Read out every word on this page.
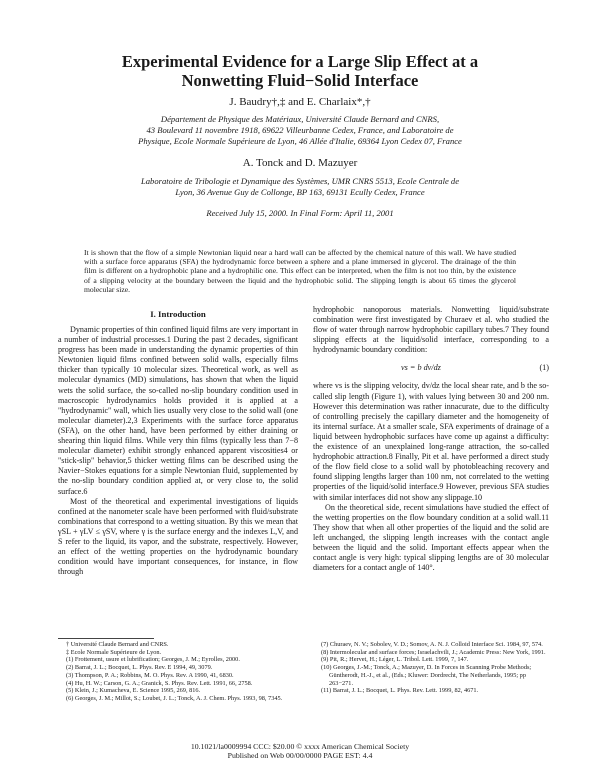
Experimental Evidence for a Large Slip Effect at a
Nonwetting Fluid−Solid Interface
J. Baudry†,‡ and E. Charlaix*,†
Département de Physique des Matériaux, Université Claude Bernard and CNRS,
43 Boulevard 11 novembre 1918, 69622 Villeurbanne Cedex, France, and Laboratoire de
Physique, Ecole Normale Supérieure de Lyon, 46 Allée d'Italie, 69364 Lyon Cedex 07, France
A. Tonck and D. Mazuyer
Laboratoire de Tribologie et Dynamique des Systèmes, UMR CNRS 5513, Ecole Centrale de
Lyon, 36 Avenue Guy de Collonge, BP 163, 69131 Ecully Cedex, France
Received July 15, 2000. In Final Form: April 11, 2001
It is shown that the flow of a simple Newtonian liquid near a hard wall can be affected by the chemical nature of this wall. We have studied with a surface force apparatus (SFA) the hydrodynamic force between a sphere and a plane immersed in glycerol. The drainage of the thin film is different on a hydrophobic plane and a hydrophilic one. This effect can be interpreted, when the film is not too thin, by the existence of a slipping velocity at the boundary between the liquid and the hydrophobic solid. The slipping length is about 65 times the glycerol molecular size.
I. Introduction

Dynamic properties of thin confined liquid films are very important in a number of industrial processes.1 During the past 2 decades, significant progress has been made in understanding the dynamic properties of thin Newtonien liquid films confined between solid walls, especially films thicker than typically 10 molecular sizes. Theoretical work, as well as molecular dynamics (MD) simulations, has shown that when the liquid wets the solid surface, the so-called no-slip boundary condition used in macroscopic hydrodynamics holds provided it is applied at a "hydrodynamic" wall, which lies usually very close to the solid wall (one molecular diameter).2,3 Experiments with the surface force apparatus (SFA), on the other hand, have been performed by either draining or shearing thin liquid films. While very thin films (typically less than 7−8 molecular diameter) exhibit strongly enhanced apparent viscosities4 or "stick-slip" behavior,5 thicker wetting films can be described using the Navier−Stokes equations for a simple Newtonian fluid, supplemented by the no-slip boundary condition applied at, or very close to, the solid surface.6

Most of the theoretical and experimental investigations of liquids confined at the nanometer scale have been performed with fluid/substrate combinations that correspond to a wetting situation. By this we mean that γSL + γLV ≤ γSV, where γ is the surface energy and the indexes L,V, and S refer to the liquid, its vapor, and the substrate, respectively. However, an effect of the wetting properties on the hydrodynamic boundary condition would have important consequences, for instance, in flow through

hydrophobic nanoporous materials. Nonwetting liquid/substrate combination were first investigated by Churaev et al. who studied the flow of water through narrow hydrophobic capillary tubes.7 They found slipping effects at the liquid/solid interface, corresponding to a hydrodynamic boundary condition:

vs = b dv/dz	(1)

where vs is the slipping velocity, dv/dz the local shear rate, and b the so-called slip length (Figure 1), with values lying between 30 and 200 nm. However this determination was rather innacurate, due to the difficulty of controlling precisely the capillary diameter and the homogeneity of its internal surface. At a smaller scale, SFA experiments of drainage of a liquid between hydrophobic surfaces have come up against a difficulty: the existence of an unexplained long-range attraction, the so-called hydrophobic attraction.8 Finally, Pit et al. have performed a direct study of the flow field close to a solid wall by photobleaching recovery and found slipping lengths larger than 100 nm, not correlated to the wetting properties of the liquid/solid interface.9 However, previous SFA studies with similar interfaces did not show any slippage.10

On the theoretical side, recent simulations have studied the effect of the wetting properties on the flow boundary condition at a solid wall.11 They show that when all other properties of the liquid and the solid are left unchanged, the slipping length increases with the contact angle between the liquid and the solid. Important effects appear when the contact angle is very high: typical slipping lengths are of 30 molecular diameters for a contact angle of 140°.

† Université Claude Bernard and CNRS.
‡ Ecole Normale Supérieure de Lyon.
(1) Frottement, usure et lubrification; Georges, J. M.; Eyrolles, 2000.
(2) Barrat, J. L.; Bocquet, L. Phys. Rev. E 1994, 49, 3079.
(3) Thompson, P. A.; Robbins, M. O. Phys. Rev. A 1990, 41, 6830.
(4) Hu, H. W.; Carson, G. A.; Granick, S. Phys. Rev. Lett. 1991, 66, 2758.
(5) Klein, J.; Kumacheva, E. Science 1995, 269, 816.
(6) Georges, J. M.; Millot, S.; Loubet, J. L.; Tonck, A. J. Chem. Phys. 1993, 98, 7345.
(7) Churaev, N. V.; Sobolev, V. D.; Somov, A. N. J. Colloid Interface Sci. 1984, 97, 574.
(8) Intermolecular and surface forces; Israelachvili, J.; Academic Press: New York, 1991.
(9) Pit, R.; Hervet, H.; Léger, L. Tribol. Lett. 1999, 7, 147.
(10) Georges, J.-M.; Tonck, A.; Mazuyer, D. In Forces in Scanning Probe Methods; Güntherodt, H.-J., et al., (Eds.; Kluwer: Dordrecht, The Netherlands, 1995; pp 263−271.
(11) Barrat, J. L.; Bocquet, L. Phys. Rev. Lett. 1999, 82, 4671.
10.1021/la0009994 CCC: $20.00 © xxxx American Chemical Society
Published on Web 00/00/0000 PAGE EST: 4.4
